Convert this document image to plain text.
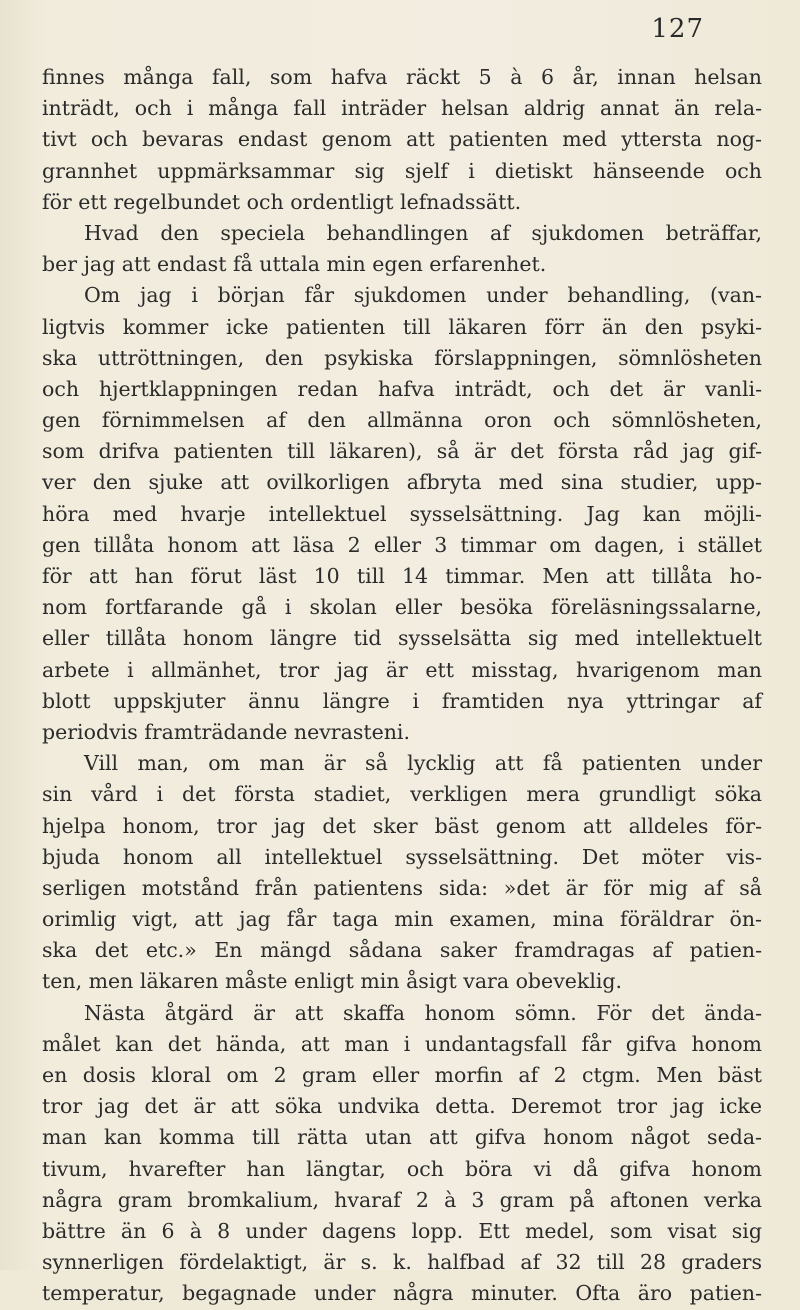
127
finnes många fall, som hafva räckt 5 à 6 år, innan helsan
inträdt, och i många fall inträder helsan aldrig annat än rela-
tivt och bevaras endast genom att patienten med yttersta nog-
grannhet uppmärksammar sig sjelf i dietiskt hänseende och
för ett regelbundet och ordentligt lefnadssätt.
Hvad den speciela behandlingen af sjukdomen beträffar,
ber jag att endast få uttala min egen erfarenhet.
Om jag i början får sjukdomen under behandling, (van-
ligtvis kommer icke patienten till läkaren förr än den psyki-
ska uttröttningen, den psykiska förslappningen, sömnlösheten
och hjertklappningen redan hafva inträdt, och det är vanli-
gen förnimmelsen af den allmänna oron och sömnlösheten,
som drifva patienten till läkaren), så är det första råd jag gif-
ver den sjuke att ovilkorligen afbryta med sina studier, upp-
höra med hvarje intellektuel sysselsättning. Jag kan möjli-
gen tillåta honom att läsa 2 eller 3 timmar om dagen, i stället
för att han förut läst 10 till 14 timmar. Men att tillåta ho-
nom fortfarande gå i skolan eller besöka föreläsningssalarne,
eller tillåta honom längre tid sysselsätta sig med intellektuelt
arbete i allmänhet, tror jag är ett misstag, hvarigenom man
blott uppskjuter ännu längre i framtiden nya yttringar af
periodvis framträdande nevrasteni.
Vill man, om man är så lycklig att få patienten under
sin vård i det första stadiet, verkligen mera grundligt söka
hjelpa honom, tror jag det sker bäst genom att alldeles för-
bjuda honom all intellektuel sysselsättning. Det möter vis-
serligen motstånd från patientens sida: »det är för mig af så
orimlig vigt, att jag får taga min examen, mina föräldrar ön-
ska det etc.» En mängd sådana saker framdragas af patien-
ten, men läkaren måste enligt min åsigt vara obeveklig.
Nästa åtgärd är att skaffa honom sömn. För det ända-
målet kan det hända, att man i undantagsfall får gifva honom
en dosis kloral om 2 gram eller morfin af 2 ctgm. Men bäst
tror jag det är att söka undvika detta. Deremot tror jag icke
man kan komma till rätta utan att gifva honom något seda-
tivum, hvarefter han längtar, och böra vi då gifva honom
några gram bromkalium, hvaraf 2 à 3 gram på aftonen verka
bättre än 6 à 8 under dagens lopp. Ett medel, som visat sig
synnerligen fördelaktigt, är s. k. halfbad af 32 till 28 graders
temperatur, begagnade under några minuter. Ofta äro patien-
